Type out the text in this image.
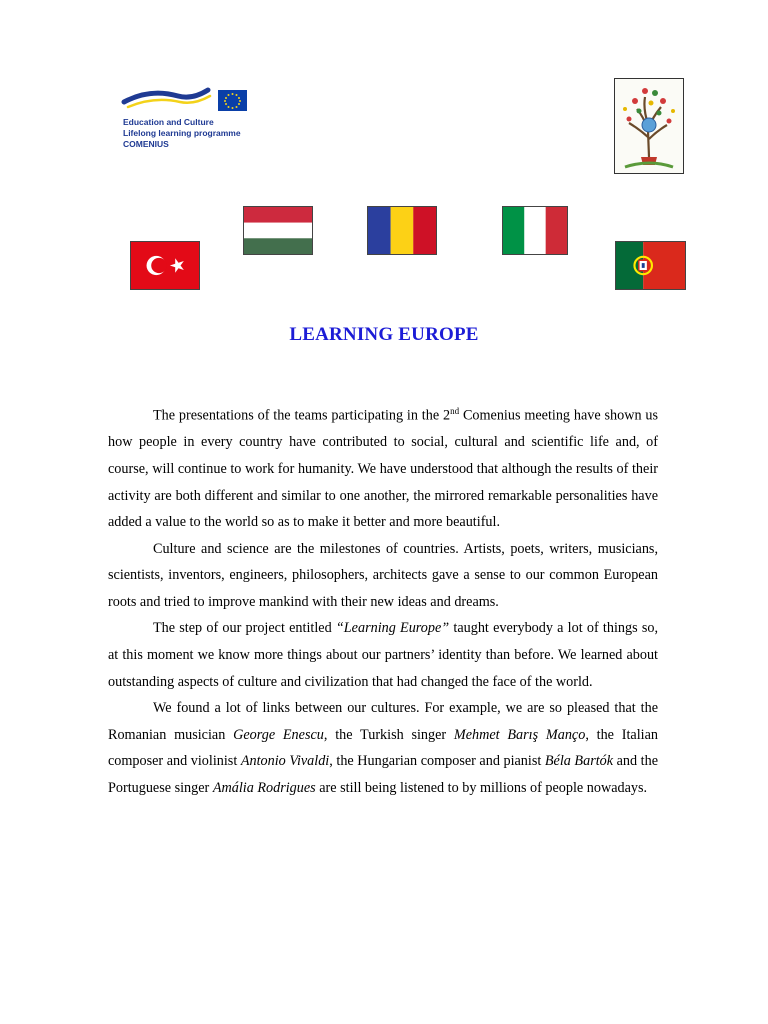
Education and Culture
Lifelong learning programme
COMENIUS
LEARNING EUROPE

The presentations of the teams participating in the 2nd Comenius meeting have shown us how people in every country have contributed to social, cultural and scientific life and, of course, will continue to work for humanity. We have understood that although the results of their activity are both different and similar to one another, the mirrored remarkable personalities have added a value to the world so as to make it better and more beautiful.

Culture and science are the milestones of countries. Artists, poets, writers, musicians, scientists, inventors, engineers, philosophers, architects gave a sense to our common European roots and tried to improve mankind with their new ideas and dreams.

The step of our project entitled “Learning Europe” taught everybody a lot of things so, at this moment we know more things about our partners’ identity than before. We learned about outstanding aspects of culture and civilization that had changed the face of the world.

We found a lot of links between our cultures. For example, we are so pleased that the Romanian musician George Enescu, the Turkish singer Mehmet Barış Manço, the Italian composer and violinist Antonio Vivaldi, the Hungarian composer and pianist Béla Bartók and the Portuguese singer Amália Rodrigues are still being listened to by millions of people nowadays.
